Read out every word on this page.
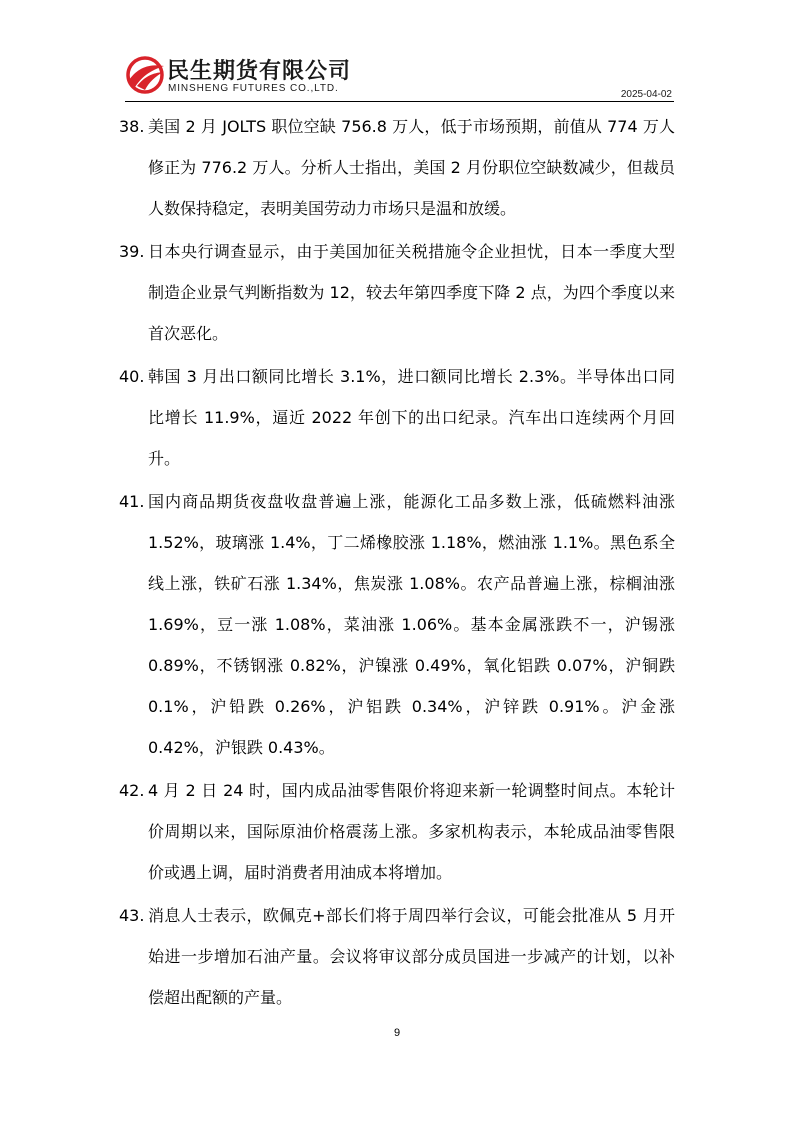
民生期货有限公司
MINSHENG FUTURES CO.,LTD.
2025-04-02
38. 美国 2 月 JOLTS 职位空缺 756.8 万人，低于市场预期，前值从 774 万人修正为 776.2 万人。分析人士指出，美国 2 月份职位空缺数减少，但裁员人数保持稳定，表明美国劳动力市场只是温和放缓。
39. 日本央行调查显示，由于美国加征关税措施令企业担忧，日本一季度大型制造企业景气判断指数为 12，较去年第四季度下降 2 点，为四个季度以来首次恶化。
40. 韩国 3 月出口额同比增长 3.1%，进口额同比增长 2.3%。半导体出口同比增长 11.9%，逼近 2022 年创下的出口纪录。汽车出口连续两个月回升。
41. 国内商品期货夜盘收盘普遍上涨，能源化工品多数上涨，低硫燃料油涨 1.52%，玻璃涨 1.4%，丁二烯橡胶涨 1.18%，燃油涨 1.1%。黑色系全线上涨，铁矿石涨 1.34%，焦炭涨 1.08%。农产品普遍上涨，棕榈油涨 1.69%，豆一涨 1.08%，菜油涨 1.06%。基本金属涨跌不一，沪锡涨 0.89%，不锈钢涨 0.82%，沪镍涨 0.49%，氧化铝跌 0.07%，沪铜跌 0.1%，沪铅跌 0.26%，沪铝跌 0.34%，沪锌跌 0.91%。沪金涨 0.42%，沪银跌 0.43%。
42. 4 月 2 日 24 时，国内成品油零售限价将迎来新一轮调整时间点。本轮计价周期以来，国际原油价格震荡上涨。多家机构表示，本轮成品油零售限价或遇上调，届时消费者用油成本将增加。
43. 消息人士表示，欧佩克+部长们将于周四举行会议，可能会批准从 5 月开始进一步增加石油产量。会议将审议部分成员国进一步减产的计划，以补偿超出配额的产量。
9
